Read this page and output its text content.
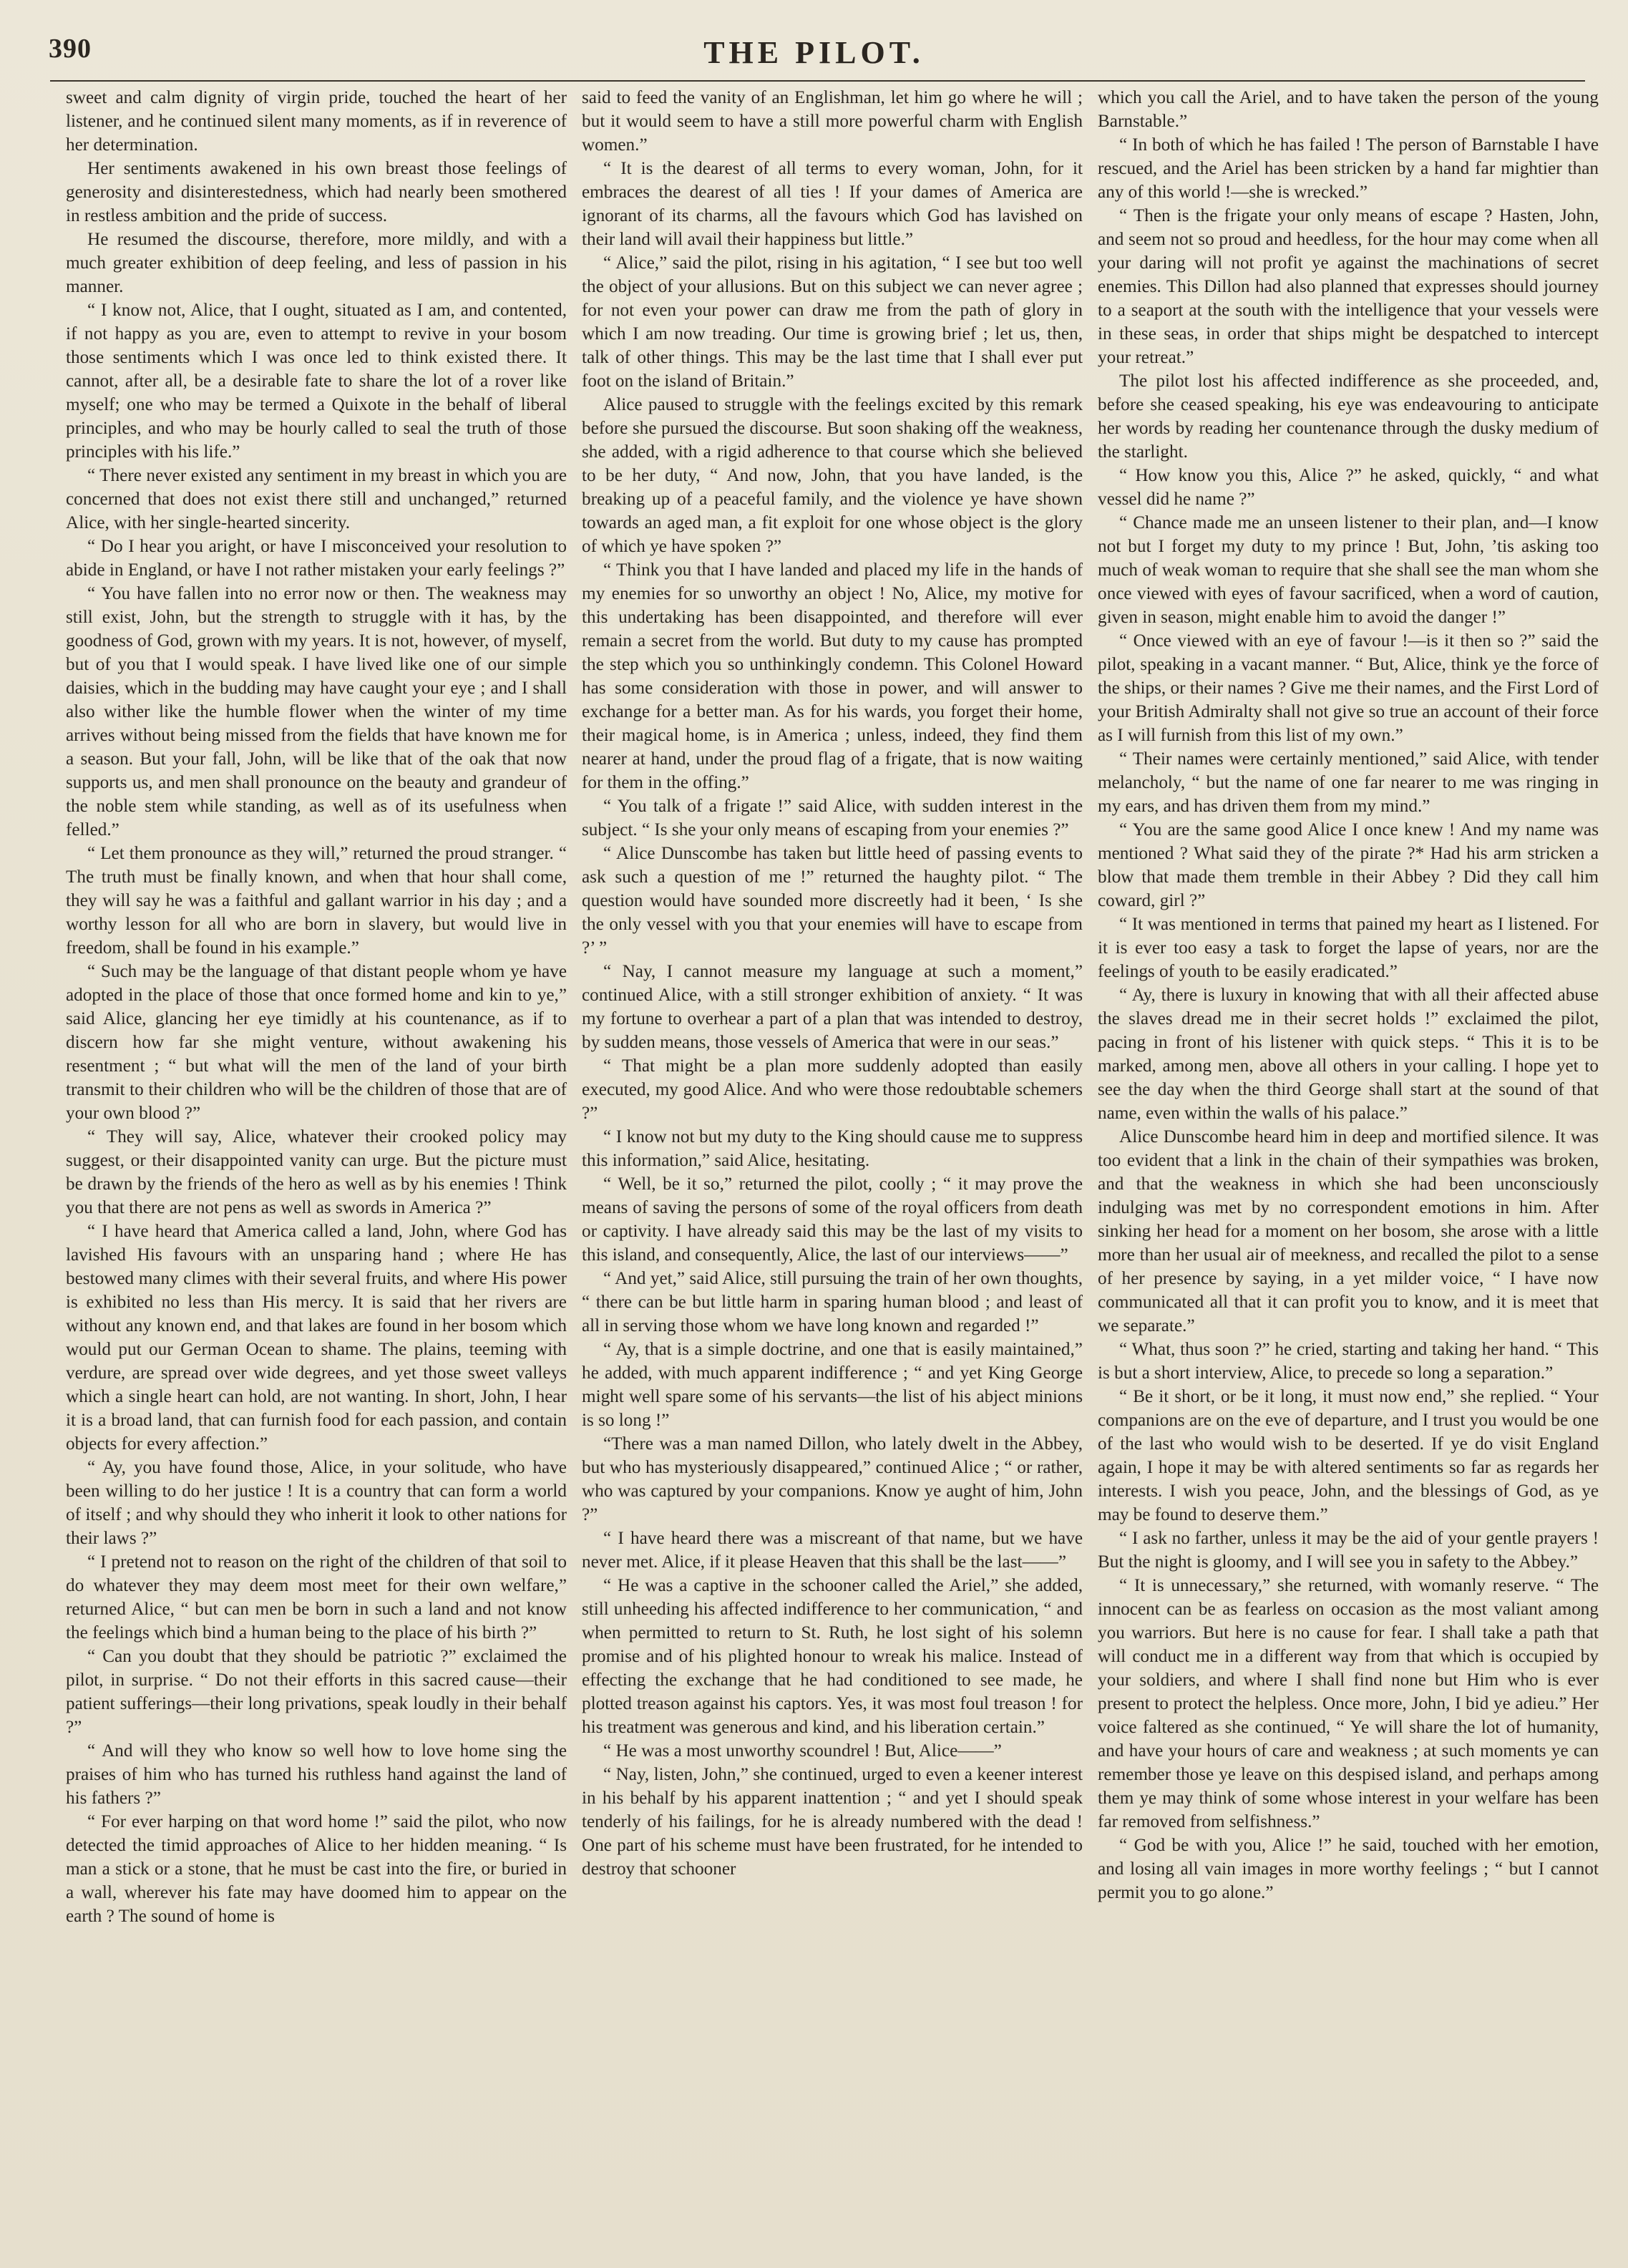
390	THE PILOT.

sweet and calm dignity of virgin pride, touched the heart of her listener, and he continued silent many moments, as if in reverence of her determination.

Her sentiments awakened in his own breast those feelings of generosity and disinterestedness, which had nearly been smothered in restless ambition and the pride of success.

He resumed the discourse, therefore, more mildly, and with a much greater exhibition of deep feeling, and less of passion in his manner.

“ I know not, Alice, that I ought, situated as I am, and contented, if not happy as you are, even to attempt to revive in your bosom those sentiments which I was once led to think existed there. It cannot, after all, be a desirable fate to share the lot of a rover like myself; one who may be termed a Quixote in the behalf of liberal principles, and who may be hourly called to seal the truth of those principles with his life.”

“ There never existed any sentiment in my breast in which you are concerned that does not exist there still and unchanged,” returned Alice, with her single-hearted sincerity.

“ Do I hear you aright, or have I misconceived your resolution to abide in England, or have I not rather mistaken your early feelings ?”

“ You have fallen into no error now or then. The weakness may still exist, John, but the strength to struggle with it has, by the goodness of God, grown with my years. It is not, however, of myself, but of you that I would speak. I have lived like one of our simple daisies, which in the budding may have caught your eye ; and I shall also wither like the humble flower when the winter of my time arrives without being missed from the fields that have known me for a season. But your fall, John, will be like that of the oak that now supports us, and men shall pronounce on the beauty and grandeur of the noble stem while standing, as well as of its usefulness when felled.”

“ Let them pronounce as they will,” returned the proud stranger. “ The truth must be finally known, and when that hour shall come, they will say he was a faithful and gallant warrior in his day ; and a worthy lesson for all who are born in slavery, but would live in freedom, shall be found in his example.”

“ Such may be the language of that distant people whom ye have adopted in the place of those that once formed home and kin to ye,” said Alice, glancing her eye timidly at his countenance, as if to discern how far she might venture, without awakening his resentment ; “ but what will the men of the land of your birth transmit to their children who will be the children of those that are of your own blood ?”

“ They will say, Alice, whatever their crooked policy may suggest, or their disappointed vanity can urge. But the picture must be drawn by the friends of the hero as well as by his enemies ! Think you that there are not pens as well as swords in America ?”

“ I have heard that America called a land, John, where God has lavished His favours with an unsparing hand ; where He has bestowed many climes with their several fruits, and where His power is exhibited no less than His mercy. It is said that her rivers are without any known end, and that lakes are found in her bosom which would put our German Ocean to shame. The plains, teeming with verdure, are spread over wide degrees, and yet those sweet valleys which a single heart can hold, are not wanting. In short, John, I hear it is a broad land, that can furnish food for each passion, and contain objects for every affection.”

“ Ay, you have found those, Alice, in your solitude, who have been willing to do her justice ! It is a country that can form a world of itself ; and why should they who inherit it look to other nations for their laws ?”

“ I pretend not to reason on the right of the children of that soil to do whatever they may deem most meet for their own welfare,” returned Alice, “ but can men be born in such a land and not know the feelings which bind a human being to the place of his birth ?”

“ Can you doubt that they should be patriotic ?” exclaimed the pilot, in surprise. “ Do not their efforts in this sacred cause—their patient sufferings—their long privations, speak loudly in their behalf ?”

“ And will they who know so well how to love home sing the praises of him who has turned his ruthless hand against the land of his fathers ?”

“ For ever harping on that word home !” said the pilot, who now detected the timid approaches of Alice to her hidden meaning. “ Is man a stick or a stone, that he must be cast into the fire, or buried in a wall, wherever his fate may have doomed him to appear on the earth ? The sound of home is

said to feed the vanity of an Englishman, let him go where he will ; but it would seem to have a still more powerful charm with English women.”

“ It is the dearest of all terms to every woman, John, for it embraces the dearest of all ties ! If your dames of America are ignorant of its charms, all the favours which God has lavished on their land will avail their happiness but little.”

“ Alice,” said the pilot, rising in his agitation, “ I see but too well the object of your allusions. But on this subject we can never agree ; for not even your power can draw me from the path of glory in which I am now treading. Our time is growing brief ; let us, then, talk of other things. This may be the last time that I shall ever put foot on the island of Britain.”

Alice paused to struggle with the feelings excited by this remark before she pursued the discourse. But soon shaking off the weakness, she added, with a rigid adherence to that course which she believed to be her duty, “ And now, John, that you have landed, is the breaking up of a peaceful family, and the violence ye have shown towards an aged man, a fit exploit for one whose object is the glory of which ye have spoken ?”

“ Think you that I have landed and placed my life in the hands of my enemies for so unworthy an object ! No, Alice, my motive for this undertaking has been disappointed, and therefore will ever remain a secret from the world. But duty to my cause has prompted the step which you so unthinkingly condemn. This Colonel Howard has some consideration with those in power, and will answer to exchange for a better man. As for his wards, you forget their home, their magical home, is in America ; unless, indeed, they find them nearer at hand, under the proud flag of a frigate, that is now waiting for them in the offing.”

“ You talk of a frigate !” said Alice, with sudden interest in the subject. “ Is she your only means of escaping from your enemies ?”

“ Alice Dunscombe has taken but little heed of passing events to ask such a question of me !” returned the haughty pilot. “ The question would have sounded more discreetly had it been, ‘ Is she the only vessel with you that your enemies will have to escape from ?’ ”

“ Nay, I cannot measure my language at such a moment,” continued Alice, with a still stronger exhibition of anxiety. “ It was my fortune to overhear a part of a plan that was intended to destroy, by sudden means, those vessels of America that were in our seas.”

“ That might be a plan more suddenly adopted than easily executed, my good Alice. And who were those redoubtable schemers ?”

“ I know not but my duty to the King should cause me to suppress this information,” said Alice, hesitating.

“ Well, be it so,” returned the pilot, coolly ; “ it may prove the means of saving the persons of some of the royal officers from death or captivity. I have already said this may be the last of my visits to this island, and consequently, Alice, the last of our interviews——”

“ And yet,” said Alice, still pursuing the train of her own thoughts, “ there can be but little harm in sparing human blood ; and least of all in serving those whom we have long known and regarded !”

“ Ay, that is a simple doctrine, and one that is easily maintained,” he added, with much apparent indifference ; “ and yet King George might well spare some of his servants—the list of his abject minions is so long !”

“There was a man named Dillon, who lately dwelt in the Abbey, but who has mysteriously disappeared,” continued Alice ; “ or rather, who was captured by your companions. Know ye aught of him, John ?”

“ I have heard there was a miscreant of that name, but we have never met. Alice, if it please Heaven that this shall be the last——”

“ He was a captive in the schooner called the Ariel,” she added, still unheeding his affected indifference to her communication, “ and when permitted to return to St. Ruth, he lost sight of his solemn promise and of his plighted honour to wreak his malice. Instead of effecting the exchange that he had conditioned to see made, he plotted treason against his captors. Yes, it was most foul treason ! for his treatment was generous and kind, and his liberation certain.”

“ He was a most unworthy scoundrel ! But, Alice——”

“ Nay, listen, John,” she continued, urged to even a keener interest in his behalf by his apparent inattention ; “ and yet I should speak tenderly of his failings, for he is already numbered with the dead ! One part of his scheme must have been frustrated, for he intended to destroy that schooner

which you call the Ariel, and to have taken the person of the young Barnstable.”

“ In both of which he has failed ! The person of Barnstable I have rescued, and the Ariel has been stricken by a hand far mightier than any of this world !—she is wrecked.”

“ Then is the frigate your only means of escape ? Hasten, John, and seem not so proud and heedless, for the hour may come when all your daring will not profit ye against the machinations of secret enemies. This Dillon had also planned that expresses should journey to a seaport at the south with the intelligence that your vessels were in these seas, in order that ships might be despatched to intercept your retreat.”

The pilot lost his affected indifference as she proceeded, and, before she ceased speaking, his eye was endeavouring to anticipate her words by reading her countenance through the dusky medium of the starlight.

“ How know you this, Alice ?” he asked, quickly, “ and what vessel did he name ?”

“ Chance made me an unseen listener to their plan, and—I know not but I forget my duty to my prince ! But, John, ’tis asking too much of weak woman to require that she shall see the man whom she once viewed with eyes of favour sacrificed, when a word of caution, given in season, might enable him to avoid the danger !”

“ Once viewed with an eye of favour !—is it then so ?” said the pilot, speaking in a vacant manner. “ But, Alice, think ye the force of the ships, or their names ? Give me their names, and the First Lord of your British Admiralty shall not give so true an account of their force as I will furnish from this list of my own.”

“ Their names were certainly mentioned,” said Alice, with tender melancholy, “ but the name of one far nearer to me was ringing in my ears, and has driven them from my mind.”

“ You are the same good Alice I once knew ! And my name was mentioned ? What said they of the pirate ?* Had his arm stricken a blow that made them tremble in their Abbey ? Did they call him coward, girl ?”

“ It was mentioned in terms that pained my heart as I listened. For it is ever too easy a task to forget the lapse of years, nor are the feelings of youth to be easily eradicated.”

“ Ay, there is luxury in knowing that with all their affected abuse the slaves dread me in their secret holds !” exclaimed the pilot, pacing in front of his listener with quick steps. “ This it is to be marked, among men, above all others in your calling. I hope yet to see the day when the third George shall start at the sound of that name, even within the walls of his palace.”

Alice Dunscombe heard him in deep and mortified silence. It was too evident that a link in the chain of their sympathies was broken, and that the weakness in which she had been unconsciously indulging was met by no correspondent emotions in him. After sinking her head for a moment on her bosom, she arose with a little more than her usual air of meekness, and recalled the pilot to a sense of her presence by saying, in a yet milder voice, “ I have now communicated all that it can profit you to know, and it is meet that we separate.”

“ What, thus soon ?” he cried, starting and taking her hand. “ This is but a short interview, Alice, to precede so long a separation.”

“ Be it short, or be it long, it must now end,” she replied. “ Your companions are on the eve of departure, and I trust you would be one of the last who would wish to be deserted. If ye do visit England again, I hope it may be with altered sentiments so far as regards her interests. I wish you peace, John, and the blessings of God, as ye may be found to deserve them.”

“ I ask no farther, unless it may be the aid of your gentle prayers ! But the night is gloomy, and I will see you in safety to the Abbey.”

“ It is unnecessary,” she returned, with womanly reserve. “ The innocent can be as fearless on occasion as the most valiant among you warriors. But here is no cause for fear. I shall take a path that will conduct me in a different way from that which is occupied by your soldiers, and where I shall find none but Him who is ever present to protect the helpless. Once more, John, I bid ye adieu.” Her voice faltered as she continued, “ Ye will share the lot of humanity, and have your hours of care and weakness ; at such moments ye can remember those ye leave on this despised island, and perhaps among them ye may think of some whose interest in your welfare has been far removed from selfishness.”

“ God be with you, Alice !” he said, touched with her emotion, and losing all vain images in more worthy feelings ; “ but I cannot permit you to go alone.”
